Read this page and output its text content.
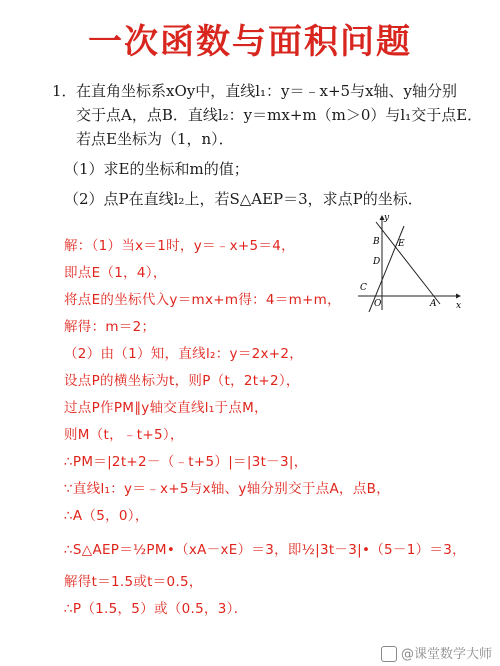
一次函数与面积问题
1． 在直角坐标系xOy中，直线l₁：y＝﹣x+5与x轴、y轴分别
交于点A，点B．直线l₂：y＝mx+m（m＞0）与l₁交于点E．
若点E坐标为（1，n）．
（1）求E的坐标和m的值；
（2）点P在直线l₂上，若S△AEP＝3，求点P的坐标．
y
x
B E
D
C
O	A
解：（1）当x＝1时，y＝﹣x+5＝4，
即点E（1，4），
将点E的坐标代入y＝mx+m得：4＝m+m，
解得：m＝2；
（2）由（1）知，直线l₂：y＝2x+2，
设点P的横坐标为t，则P（t，2t+2），
过点P作PM∥y轴交直线l₁于点M，
则M（t，﹣t+5），
∴PM＝|2t+2－（﹣t+5）|＝|3t－3|，
∵直线l₁：y＝﹣x+5与x轴、y轴分别交于点A，点B，
∴A（5，0），
∴S△AEP＝½PM•（xA－xE）＝3，即½|3t－3|•（5－1）＝3，
解得t＝1.5或t＝0.5，
∴P（1.5，5）或（0.5，3）．
@课堂数学大师
